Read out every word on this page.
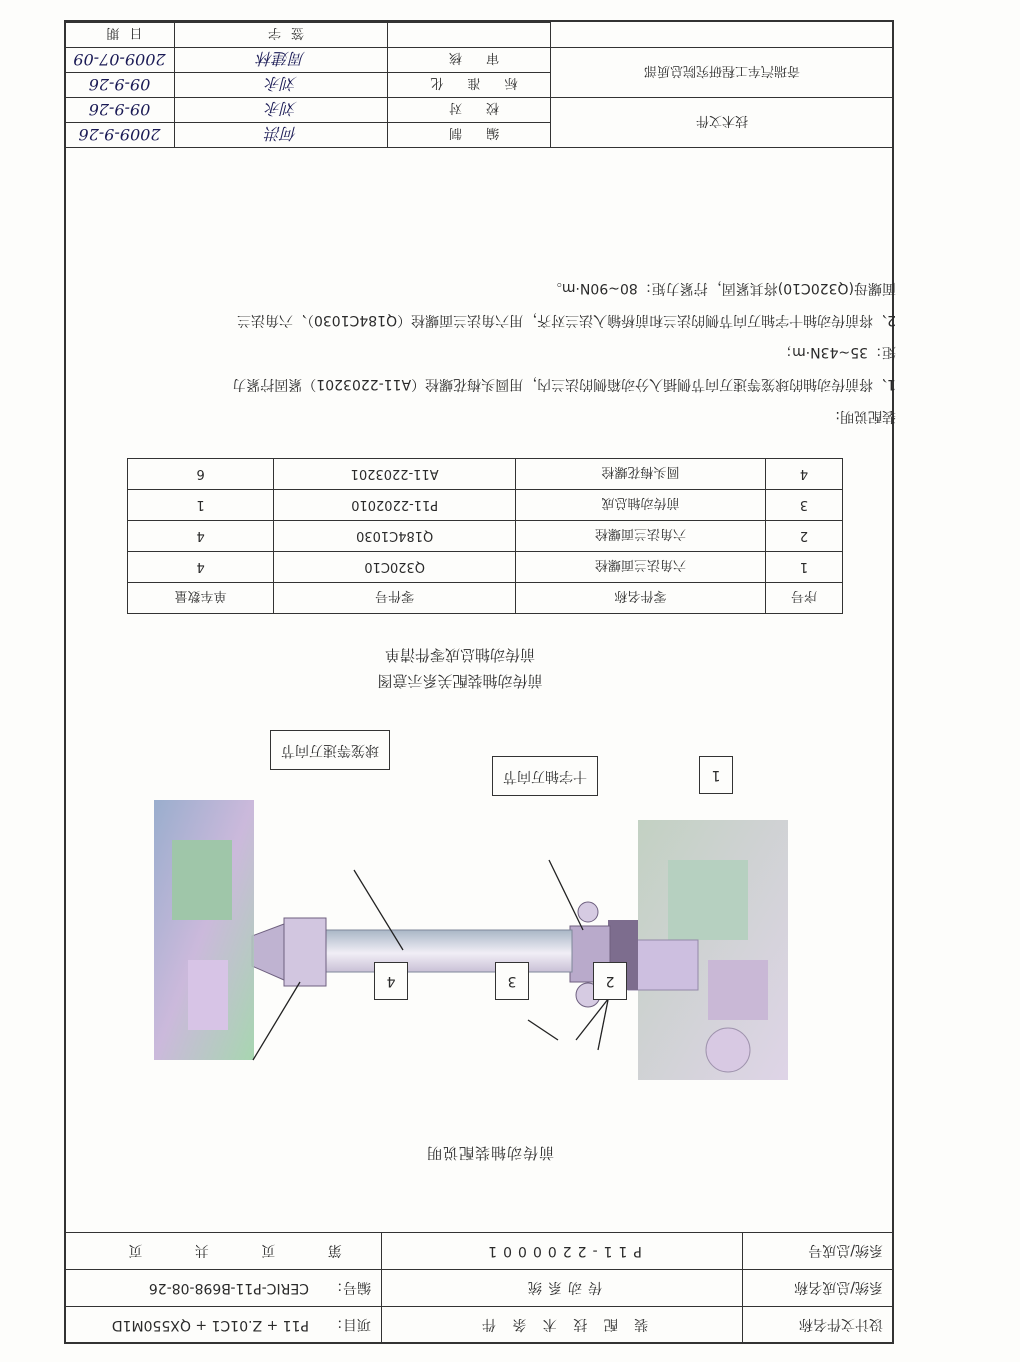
设计文件名称	装 配 技 术 条 件	项目：	P11 + Z.01C1 + QX550M1D
系统/总成名称	传动系统	编号：	CERIC-P11-B698-08-26
系统/总成号	P11-2200001	第 页 共 页	
前传动轴装配说明
4	3	2
1
十字轴万向节
球笼等速万向节
前传动轴装配关系示意图
前传动轴总成零件清单
序号	零件名称	零件号	单车数量
1	六角法兰面螺栓	Q320C10	4
2	六角法兰面螺栓	Q184C1030	4
3	前传动轴总成	P11-2202010	1
4	圆头梅花螺栓	A11-2203201	6

装配说明:

1、将前传动轴的球笼等速万向节侧插入分动箱侧的法兰内，用圆头梅花螺栓（A11-2203201）紧固拧紧力

矩：35~43N·m；

2、将前传动轴十字轴万向节侧的法兰和前桥输入法兰对齐，用六角法兰面螺栓（Q184C1030）、六角法兰

面螺母(Q320C10)将其紧固，拧紧力矩：80~90N·m。

技术文件	编 制	何洪	2009-9-26
	校 对	刘永	09-9-26
奇瑞汽车工程研究院总质部	标 准 化	刘永	09-9-26
	审 核	周建林	2009-07-09
		签字	日期
